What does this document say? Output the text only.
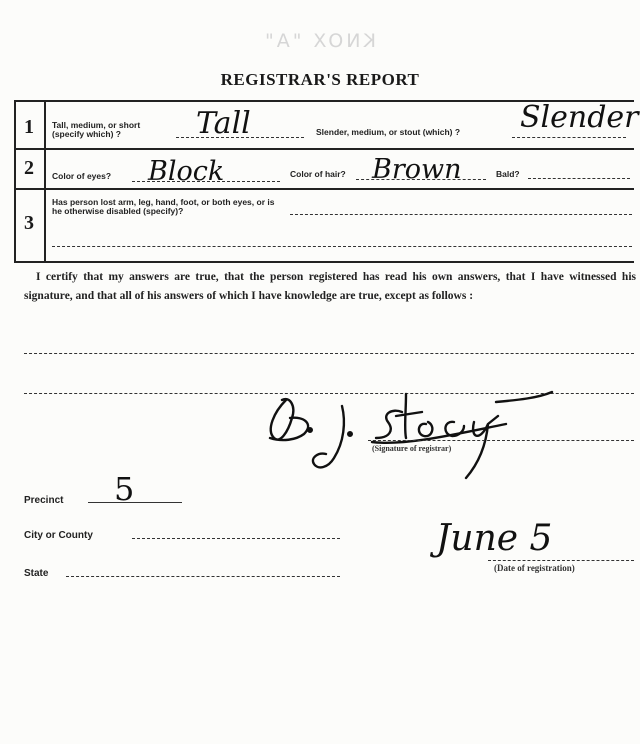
KNOX "A"
REGISTRAR'S REPORT
1 Tall, medium, or short (specify which) ?	Tall	Slender, medium, or stout (which) ? Slender
2 Color of eyes? Block	Color of hair? Brown	Bald?
3
Has person lost arm, leg, hand, foot, or both eyes, or is he otherwise disabled (specify)?
I certify that my answers are true, that the person registered has read his own answers, that I have witnessed his signature, and that all of his answers of which I have knowledge are true, except as follows :
(Signature of registrar)
Precinct 5
City or County
State
June 5
(Date of registration)
